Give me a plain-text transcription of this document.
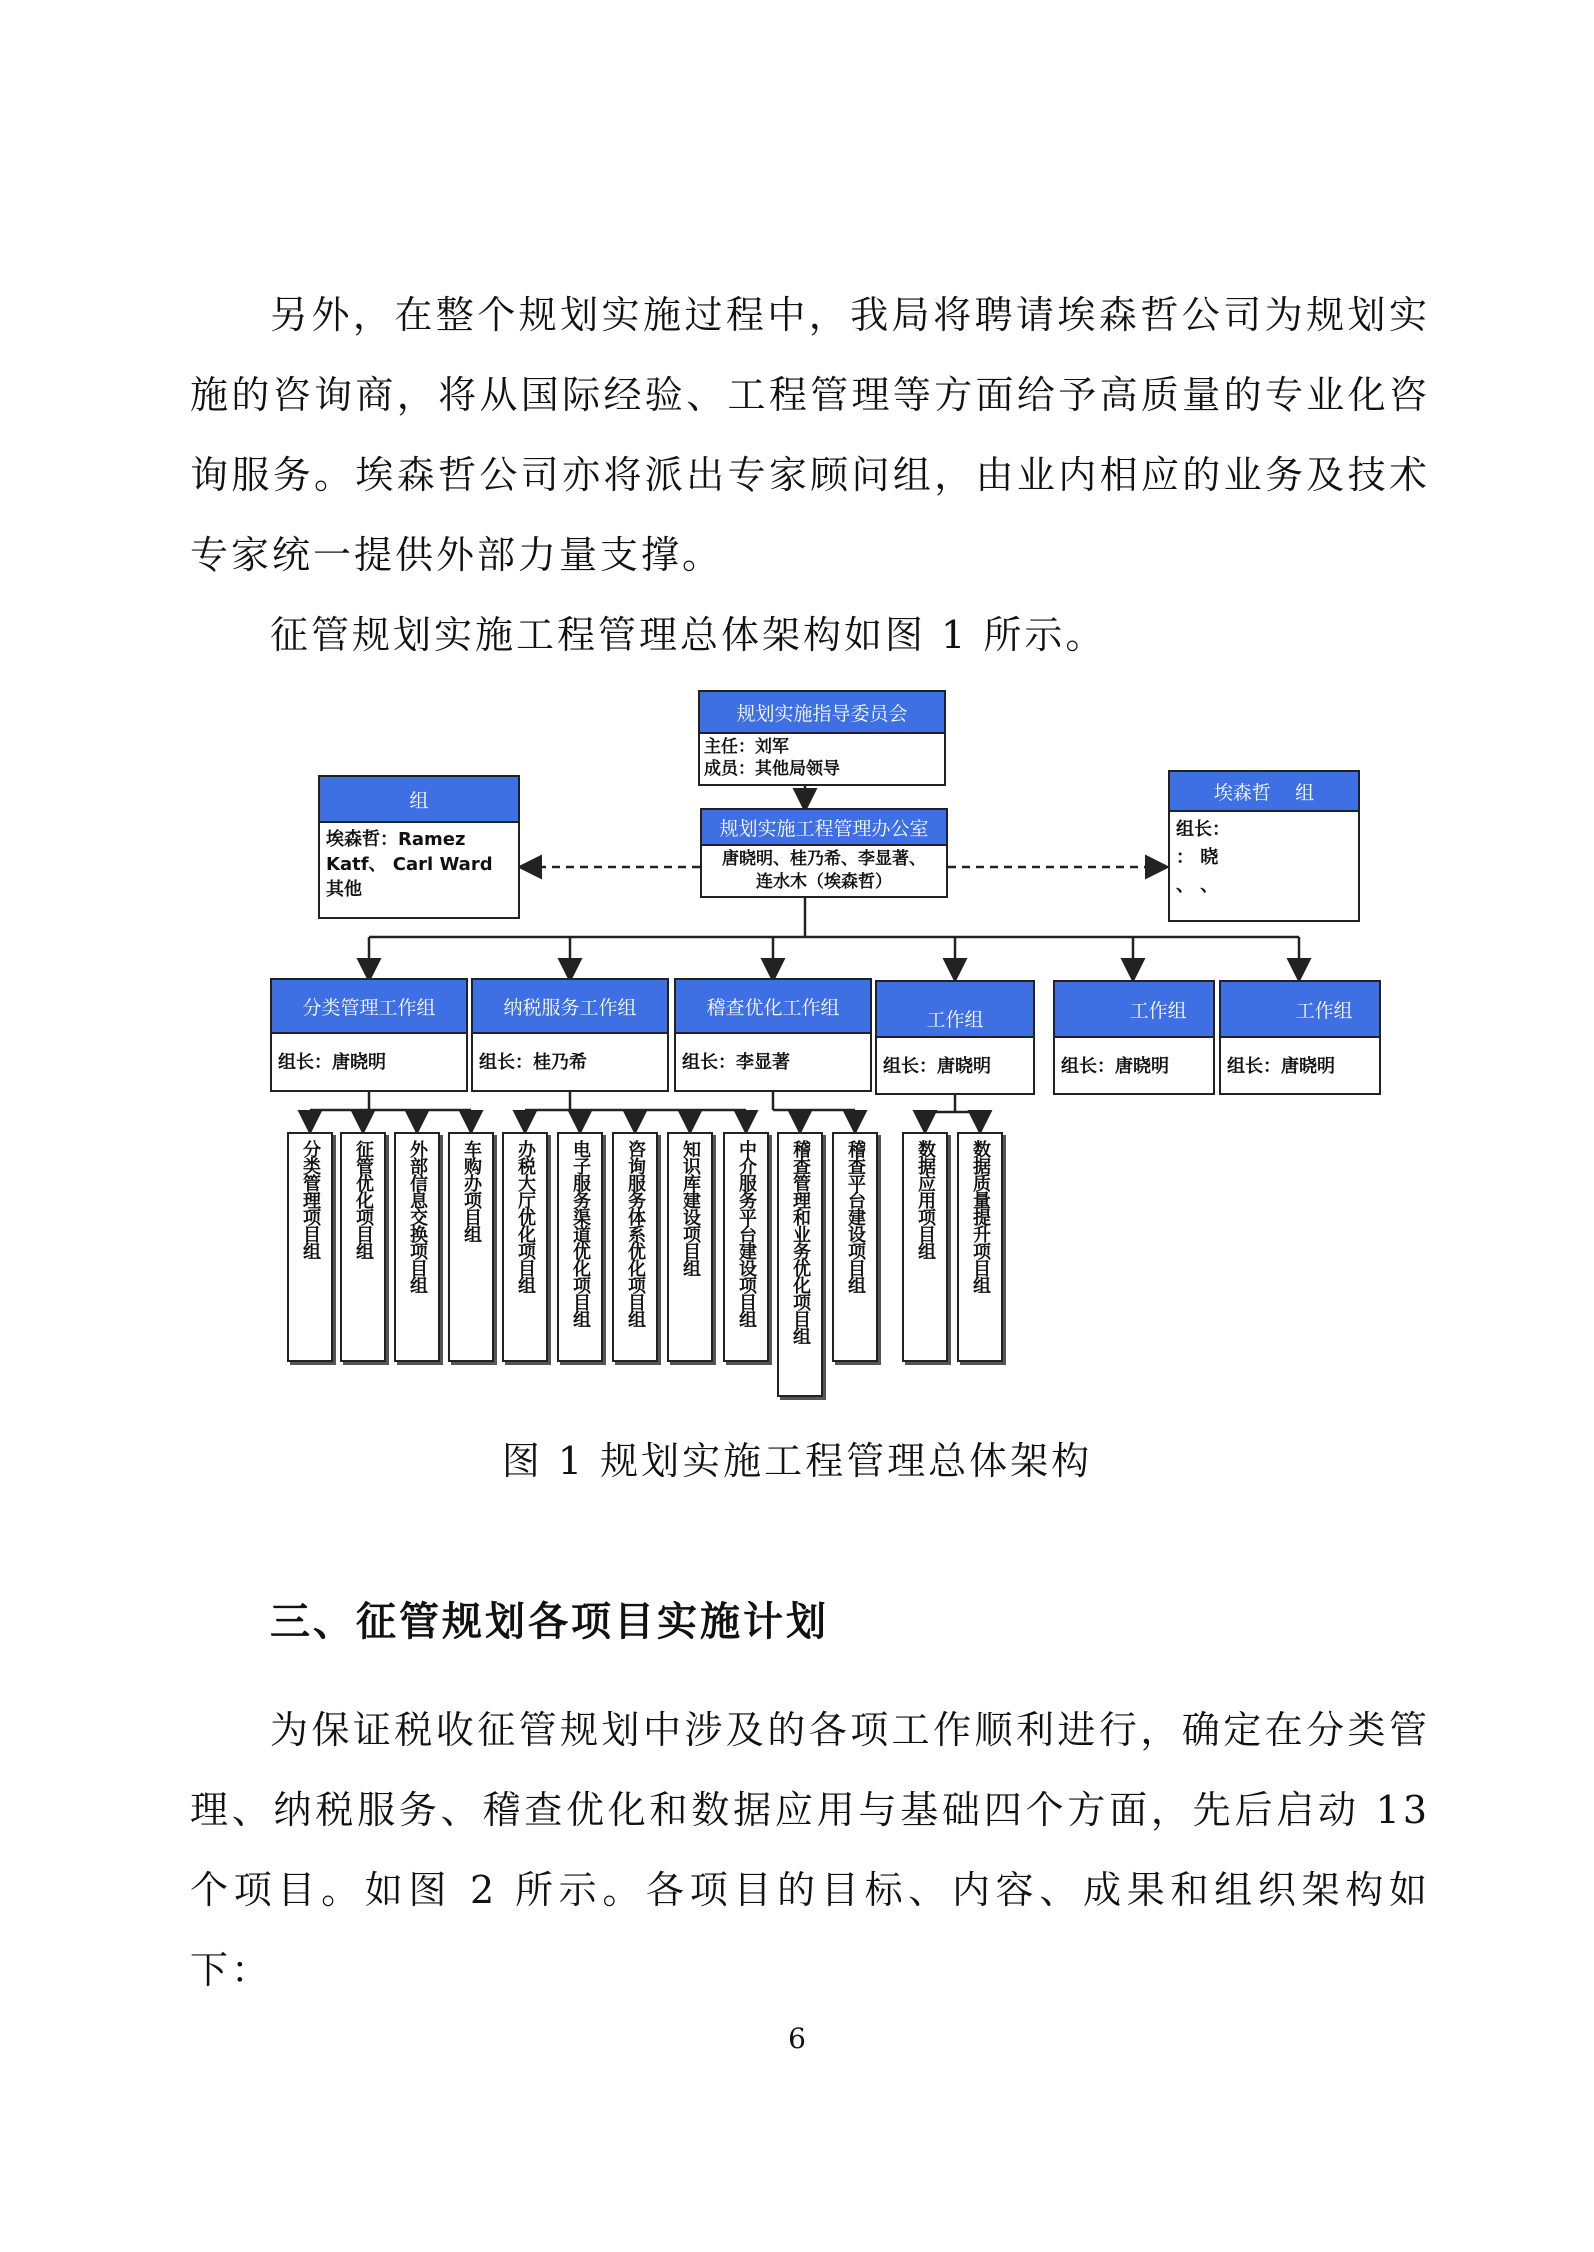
另外，在整个规划实施过程中，我局将聘请埃森哲公司为规划实施的咨询商，将从国际经验、工程管理等方面给予高质量的专业化咨询服务。埃森哲公司亦将派出专家顾问组，由业内相应的业务及技术专家统一提供外部力量支撑。

征管规划实施工程管理总体架构如图 1 所示。

规划实施指导委员会
主任：刘军
成员：其他局领导
规划实施工程管理办公室
唐晓明、桂乃希、李显著、连水木（埃森哲）
组
埃森哲：Ramez
Katf、 Carl Ward
其他
埃森哲    组
组长：
： 晓
、 、
分类管理工作组
组长：唐晓明
纳税服务工作组
组长：桂乃希
稽查优化工作组
组长：李显著
工作组
组长：唐晓明
工作组
组长：唐晓明
工作组
组长：唐晓明
分类管理项目组 征管优化项目组 外部信息交换项目组 车购办项目组 办税大厅优化项目组 电子服务渠道优化项目组 咨询服务体系优化项目组 知识库建设项目组 中介服务平台建设项目组 稽查管理和业务优化项目组 稽查平台建设项目组	数据应用项目组 数据质量提升项目组
图 1 规划实施工程管理总体架构
三、征管规划各项目实施计划

为保证税收征管规划中涉及的各项工作顺利进行，确定在分类管理、纳税服务、稽查优化和数据应用与基础四个方面，先后启动 13 个项目。如图 2 所示。各项目的目标、内容、成果和组织架构如下：

6
